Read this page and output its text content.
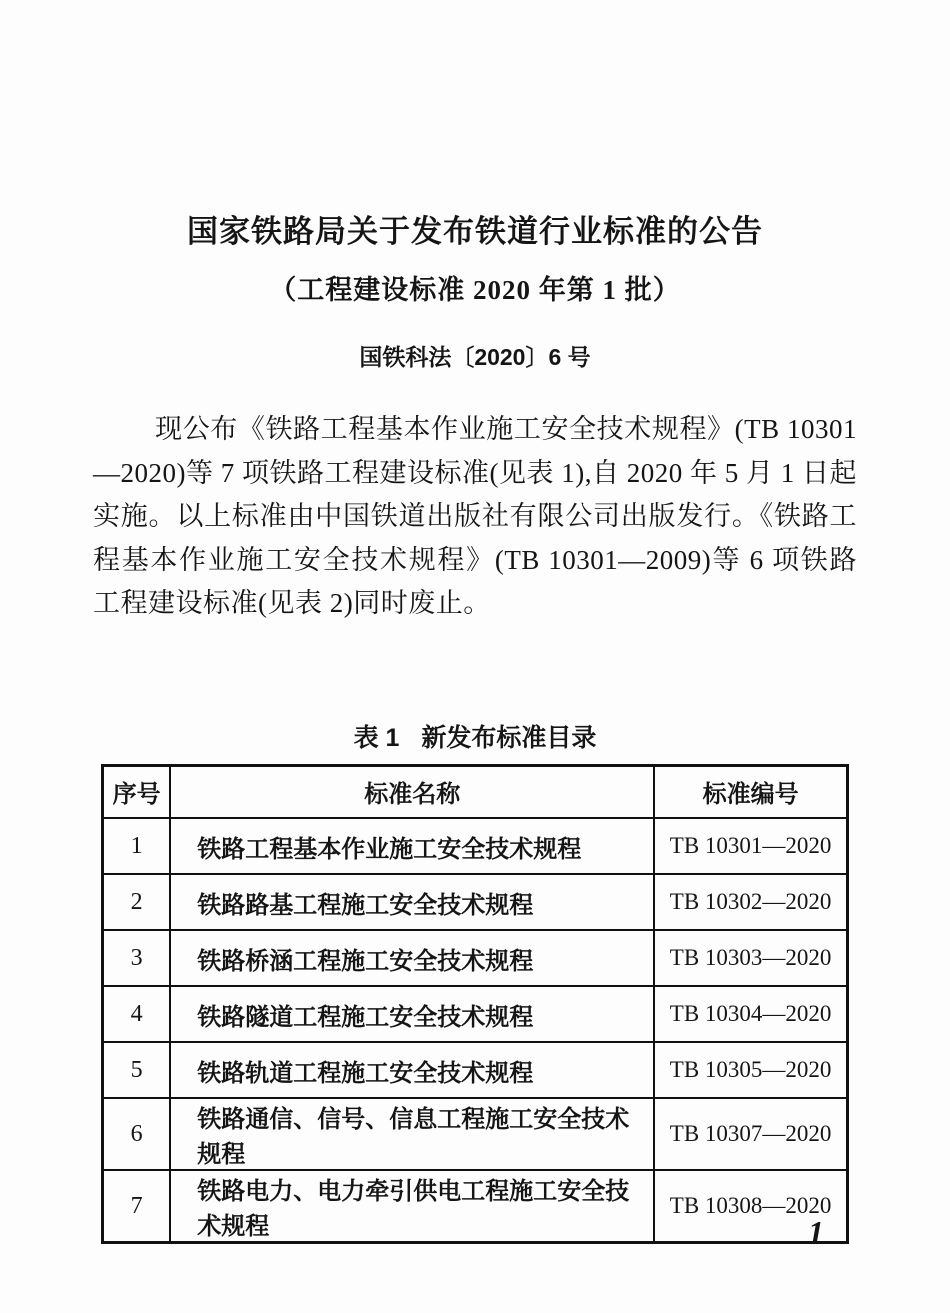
国家铁路局关于发布铁道行业标准的公告
（工程建设标准 2020 年第 1 批）
国铁科法〔2020〕6 号
现公布《铁路工程基本作业施工安全技术规程》(TB 10301—2020)等 7 项铁路工程建设标准(见表 1),自 2020 年 5 月 1 日起实施。以上标准由中国铁道出版社有限公司出版发行。《铁路工程基本作业施工安全技术规程》(TB 10301—2009)等 6 项铁路工程建设标准(见表 2)同时废止。
表 1 新发布标准目录
序号	标准名称	标准编号
1	铁路工程基本作业施工安全技术规程	TB 10301—2020
2	铁路路基工程施工安全技术规程	TB 10302—2020
3	铁路桥涵工程施工安全技术规程	TB 10303—2020
4	铁路隧道工程施工安全技术规程	TB 10304—2020
5	铁路轨道工程施工安全技术规程	TB 10305—2020
6	铁路通信、信号、信息工程施工安全技术规程	TB 10307—2020
7	铁路电力、电力牵引供电工程施工安全技术规程	TB 10308—2020
1
